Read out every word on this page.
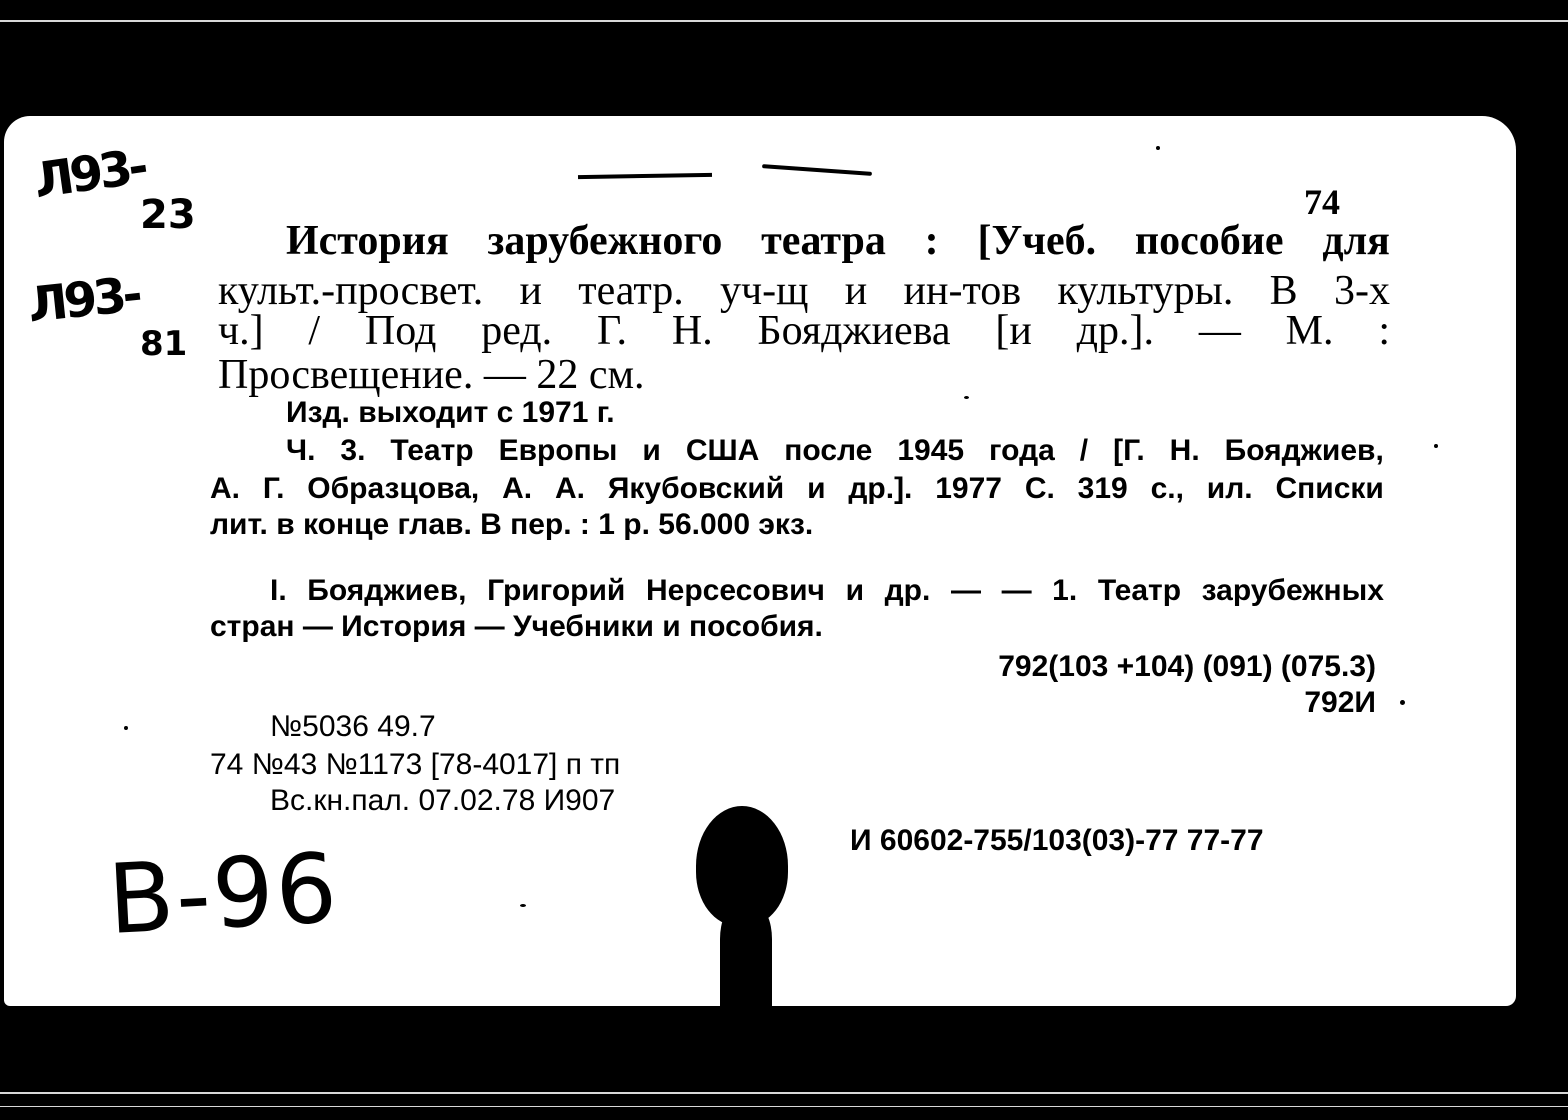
Л93-
23
Л93-
81
В-96
74
История зарубежного театра : [Учеб. пособие для
культ.-просвет. и театр. уч-щ и ин-тов культуры. В 3-х
ч.] / Под ред. Г. Н. Бояджиева [и др.]. — М. :
Просвещение. — 22 см.
Изд. выходит с 1971 г.
Ч. 3. Театр Европы и США после 1945 года / [Г. Н. Бояджиев,
А. Г. Образцова, А. А. Якубовский и др.]. 1977 С. 319 с., ил. Списки
лит. в конце глав. В пер. : 1 р. 56.000 экз.
I. Бояджиев, Григорий Нерсесович и др. — — 1. Театр зарубежных
стран — История — Учебники и пособия.
792(103 +104) (091) (075.3)
792И
№5036 49.7
74 №43 №1173 [78-4017] п тп
Вс.кн.пал. 07.02.78 И907
И 60602-755/103(03)-77 77-77
